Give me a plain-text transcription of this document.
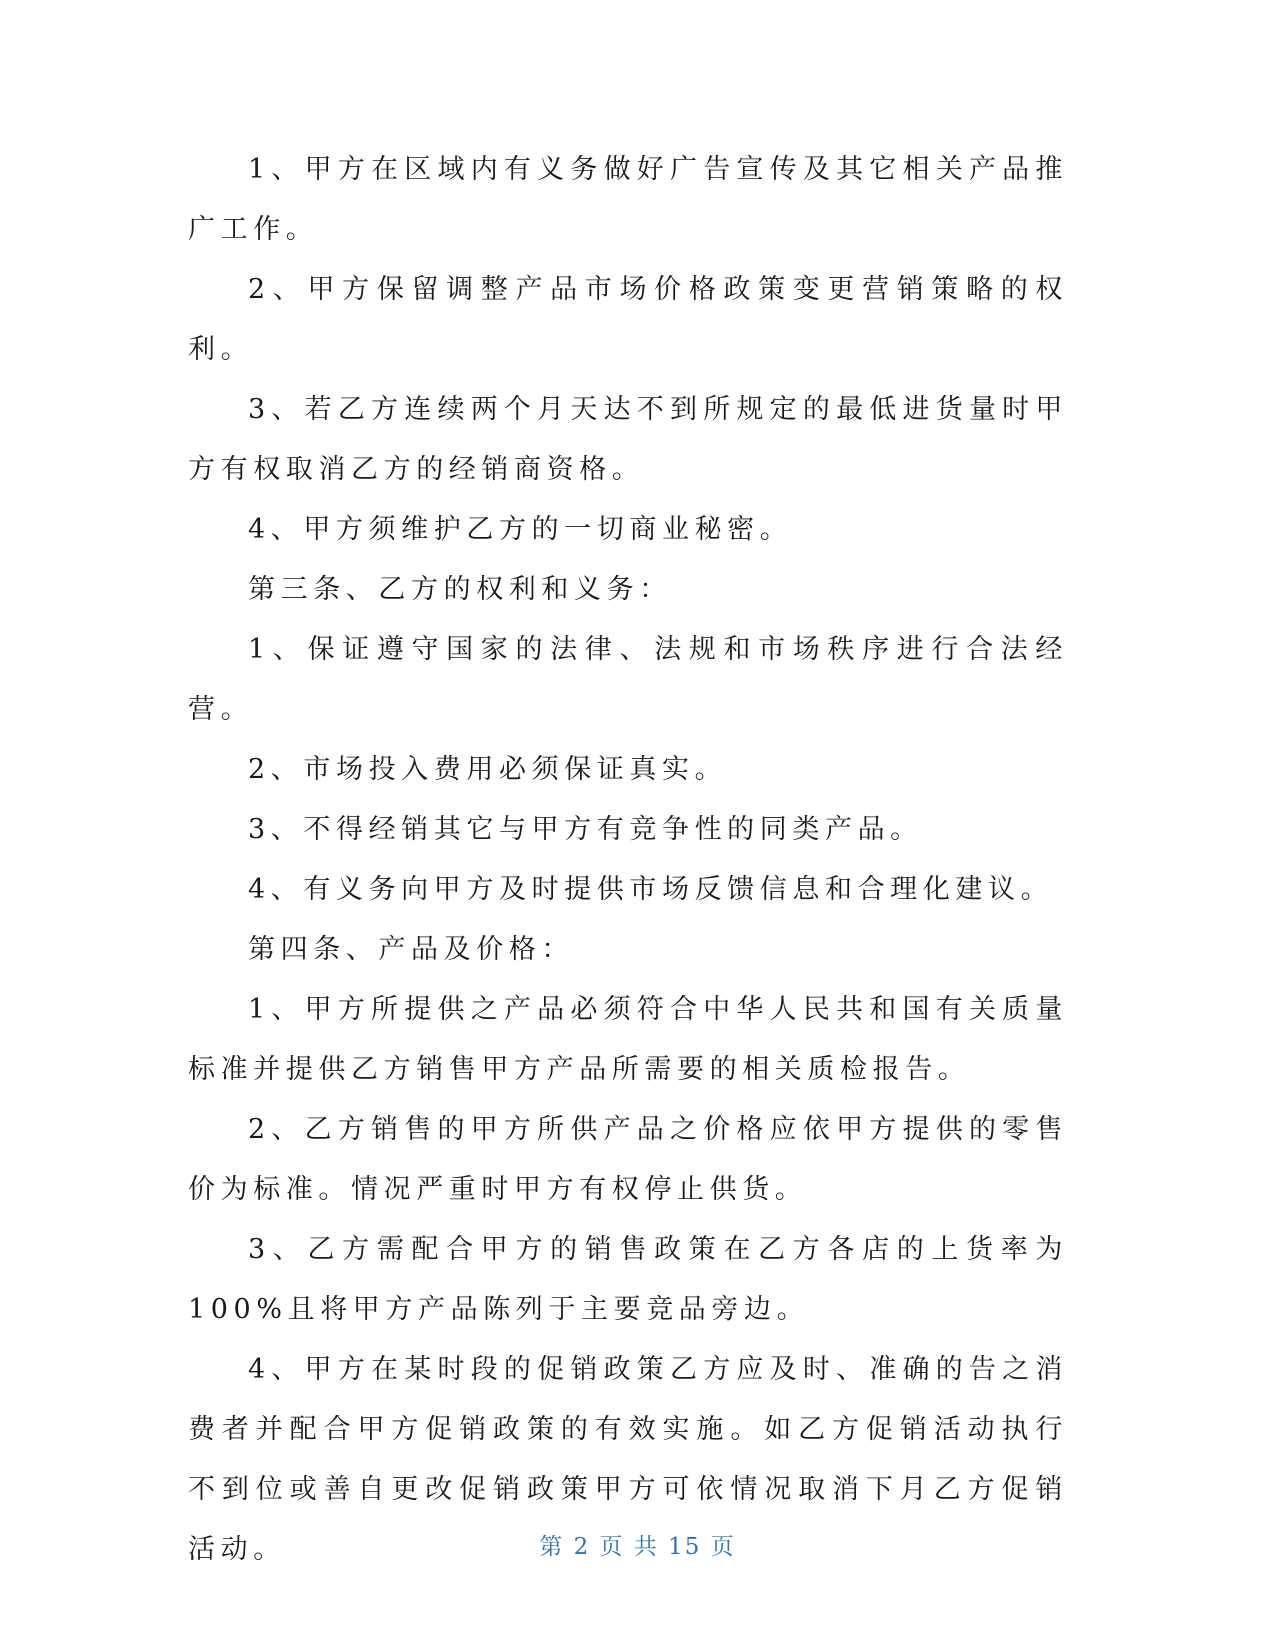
1、甲方在区域内有义务做好广告宣传及其它相关产品推广工作。

2、甲方保留调整产品市场价格政策变更营销策略的权利。

3、若乙方连续两个月天达不到所规定的最低进货量时甲方有权取消乙方的经销商资格。

4、甲方须维护乙方的一切商业秘密。

第三条、乙方的权利和义务：

1、保证遵守国家的法律、法规和市场秩序进行合法经营。

2、市场投入费用必须保证真实。

3、不得经销其它与甲方有竞争性的同类产品。

4、有义务向甲方及时提供市场反馈信息和合理化建议。

第四条、产品及价格：

1、甲方所提供之产品必须符合中华人民共和国有关质量标准并提供乙方销售甲方产品所需要的相关质检报告。

2、乙方销售的甲方所供产品之价格应依甲方提供的零售价为标准。情况严重时甲方有权停止供货。

3、乙方需配合甲方的销售政策在乙方各店的上货率为100%且将甲方产品陈列于主要竞品旁边。

4、甲方在某时段的促销政策乙方应及时、准确的告之消费者并配合甲方促销政策的有效实施。如乙方促销活动执行不到位或善自更改促销政策甲方可依情况取消下月乙方促销活动。	第 2 页 共 15 页
